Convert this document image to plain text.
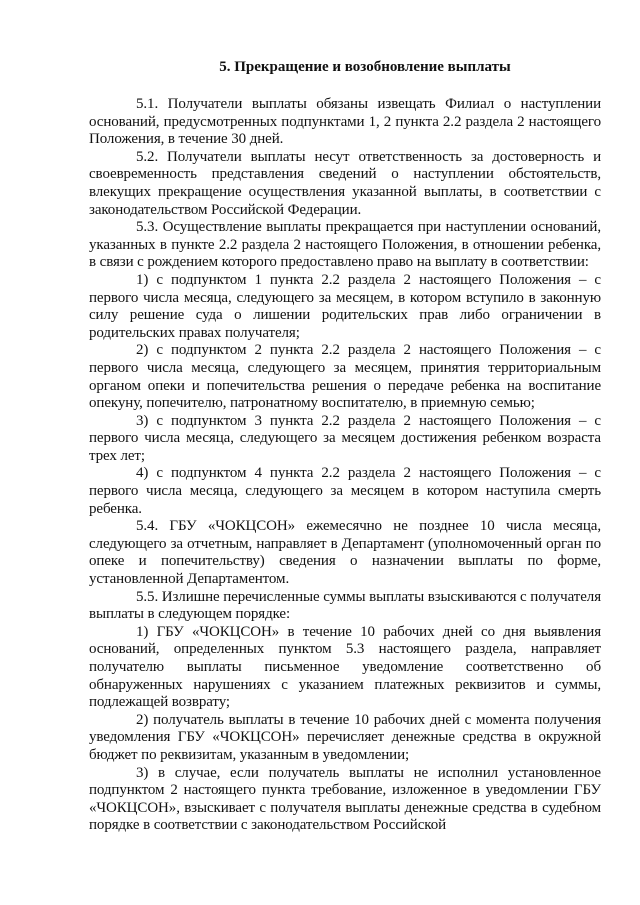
5. Прекращение и возобновление выплаты

5.1. Получатели выплаты обязаны извещать Филиал о наступлении оснований, предусмотренных подпунктами 1, 2 пункта 2.2 раздела 2 настоящего Положения, в течение 30 дней.

5.2. Получатели выплаты несут ответственность за достоверность и своевременность представления сведений о наступлении обстоятельств, влекущих прекращение осуществления указанной выплаты, в соответствии с законодательством Российской Федерации.

5.3. Осуществление выплаты прекращается при наступлении оснований, указанных в пункте 2.2 раздела 2 настоящего Положения, в отношении ребенка, в связи с рождением которого предоставлено право на выплату в соответствии:

1) с подпунктом 1 пункта 2.2 раздела 2 настоящего Положения – с первого числа месяца, следующего за месяцем, в котором вступило в законную силу решение суда о лишении родительских прав либо ограничении в родительских правах получателя;

2) с подпунктом 2 пункта 2.2 раздела 2 настоящего Положения – с первого числа месяца, следующего за месяцем, принятия территориальным органом опеки и попечительства решения о передаче ребенка на воспитание опекуну, попечителю, патронатному воспитателю, в приемную семью;

3) с подпунктом 3 пункта 2.2 раздела 2 настоящего Положения – с первого числа месяца, следующего за месяцем достижения ребенком возраста трех лет;

4) с подпунктом 4 пункта 2.2 раздела 2 настоящего Положения – с первого числа месяца, следующего за месяцем в котором наступила смерть ребенка.

5.4. ГБУ «ЧОКЦСОН» ежемесячно не позднее 10 числа месяца, следующего за отчетным, направляет в Департамент (уполномоченный орган по опеке и попечительству) сведения о назначении выплаты по форме, установленной Департаментом.

5.5. Излишне перечисленные суммы выплаты взыскиваются с получателя выплаты в следующем порядке:

1) ГБУ «ЧОКЦСОН» в течение 10 рабочих дней со дня выявления оснований, определенных пунктом 5.3 настоящего раздела, направляет получателю выплаты письменное уведомление соответственно об обнаруженных нарушениях с указанием платежных реквизитов и суммы, подлежащей возврату;

2) получатель выплаты в течение 10 рабочих дней с момента получения уведомления ГБУ «ЧОКЦСОН» перечисляет денежные средства в окружной бюджет по реквизитам, указанным в уведомлении;

3) в случае, если получатель выплаты не исполнил установленное подпунктом 2 настоящего пункта требование, изложенное в уведомлении ГБУ «ЧОКЦСОН», взыскивает с получателя выплаты денежные средства в судебном порядке в соответствии с законодательством Российской
